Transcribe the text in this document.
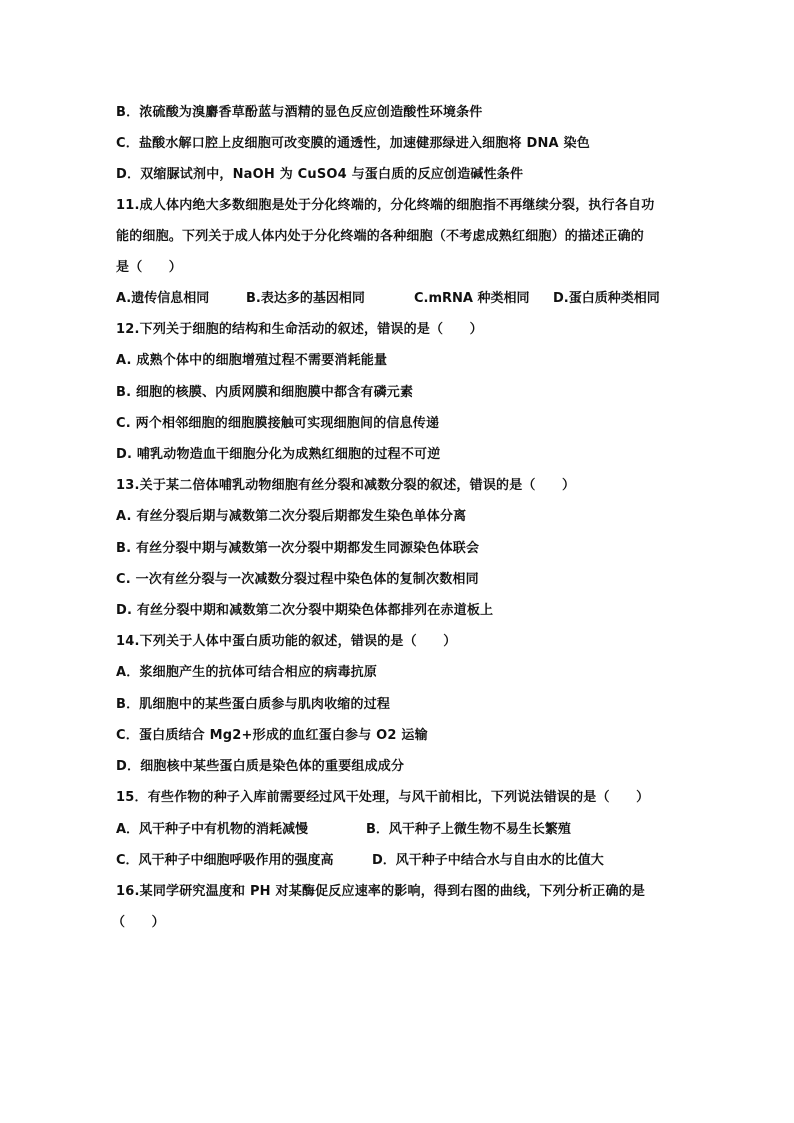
B．浓硫酸为溴麝香草酚蓝与酒精的显色反应创造酸性环境条件
C．盐酸水解口腔上皮细胞可改变膜的通透性，加速健那绿进入细胞将 DNA 染色
D．双缩脲试剂中，NaOH 为 CuSO4 与蛋白质的反应创造碱性条件
11.成人体内绝大多数细胞是处于分化终端的，分化终端的细胞指不再继续分裂，执行各自功
能的细胞。下列关于成人体内处于分化终端的各种细胞（不考虑成熟红细胞）的描述正确的
是（　　）
A.遗传信息相同	B.表达多的基因相同	C.mRNA 种类相同 D.蛋白质种类相同
12.下列关于细胞的结构和生命活动的叙述，错误的是（　　）
A. 成熟个体中的细胞增殖过程不需要消耗能量
B. 细胞的核膜、内质网膜和细胞膜中都含有磷元素
C. 两个相邻细胞的细胞膜接触可实现细胞间的信息传递
D. 哺乳动物造血干细胞分化为成熟红细胞的过程不可逆
13.关于某二倍体哺乳动物细胞有丝分裂和减数分裂的叙述，错误的是（　　）
A. 有丝分裂后期与减数第二次分裂后期都发生染色单体分离
B. 有丝分裂中期与减数第一次分裂中期都发生同源染色体联会
C. 一次有丝分裂与一次减数分裂过程中染色体的复制次数相同
D. 有丝分裂中期和减数第二次分裂中期染色体都排列在赤道板上
14.下列关于人体中蛋白质功能的叙述，错误的是（　　）
A．浆细胞产生的抗体可结合相应的病毒抗原
B．肌细胞中的某些蛋白质参与肌肉收缩的过程
C．蛋白质结合 Mg2+形成的血红蛋白参与 O2 运输
D．细胞核中某些蛋白质是染色体的重要组成成分
15．有些作物的种子入库前需要经过风干处理，与风干前相比，下列说法错误的是（　　）
A．风干种子中有机物的消耗减慢	B．风干种子上微生物不易生长繁殖
C．风干种子中细胞呼吸作用的强度高	D．风干种子中结合水与自由水的比值大
16.某同学研究温度和 PH 对某酶促反应速率的影响，得到右图的曲线，下列分析正确的是
（　　）
